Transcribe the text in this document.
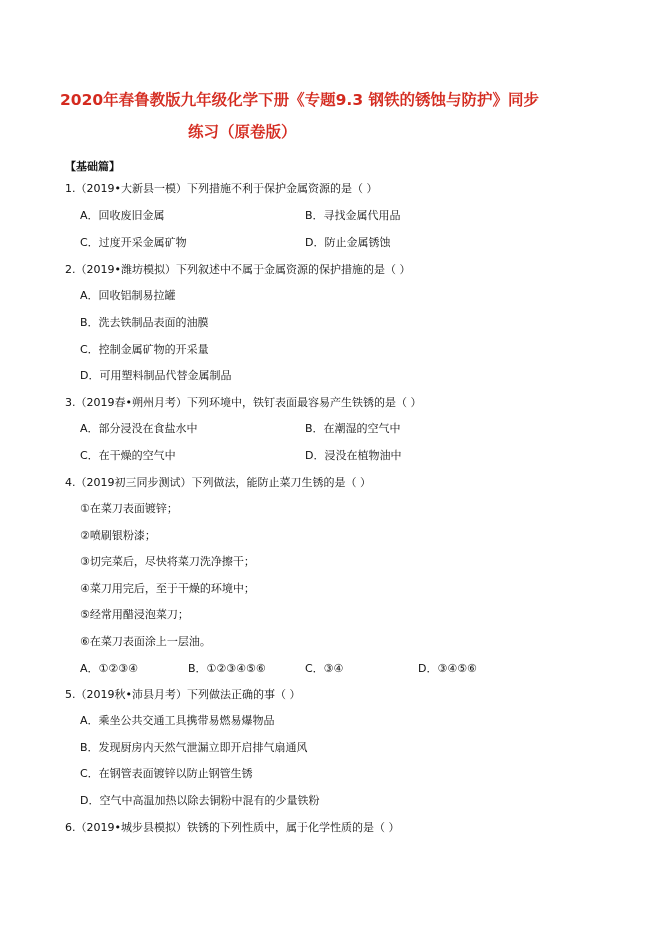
2020年春鲁教版九年级化学下册《专题9.3 钢铁的锈蚀与防护》同步
练习（原卷版）
【基础篇】
1.（2019•大新县一模）下列措施不利于保护金属资源的是（ ）
A．回收废旧金属	B．寻找金属代用品
C．过度开采金属矿物	D．防止金属锈蚀
2.（2019•潍坊模拟）下列叙述中不属于金属资源的保护措施的是（ ）
A．回收铝制易拉罐
B．洗去铁制品表面的油膜
C．控制金属矿物的开采量
D．可用塑料制品代替金属制品
3.（2019春•朔州月考）下列环境中，铁钉表面最容易产生铁锈的是（ ）
A．部分浸没在食盐水中	B．在潮湿的空气中
C．在干燥的空气中	D．浸没在植物油中
4.（2019初三同步测试）下列做法，能防止菜刀生锈的是（ ）
①在菜刀表面镀锌；
②喷刷银粉漆；
③切完菜后，尽快将菜刀洗净擦干；
④菜刀用完后，至于干燥的环境中；
⑤经常用醋浸泡菜刀；
⑥在菜刀表面涂上一层油。
A．①②③④	B．①②③④⑤⑥	C．③④	D．③④⑤⑥
5.（2019秋•沛县月考）下列做法正确的事（ ）
A．乘坐公共交通工具携带易燃易爆物品
B．发现厨房内天然气泄漏立即开启排气扇通风
C．在钢管表面镀锌以防止钢管生锈
D．空气中高温加热以除去铜粉中混有的少量铁粉
6.（2019•城步县模拟）铁锈的下列性质中，属于化学性质的是（ ）
